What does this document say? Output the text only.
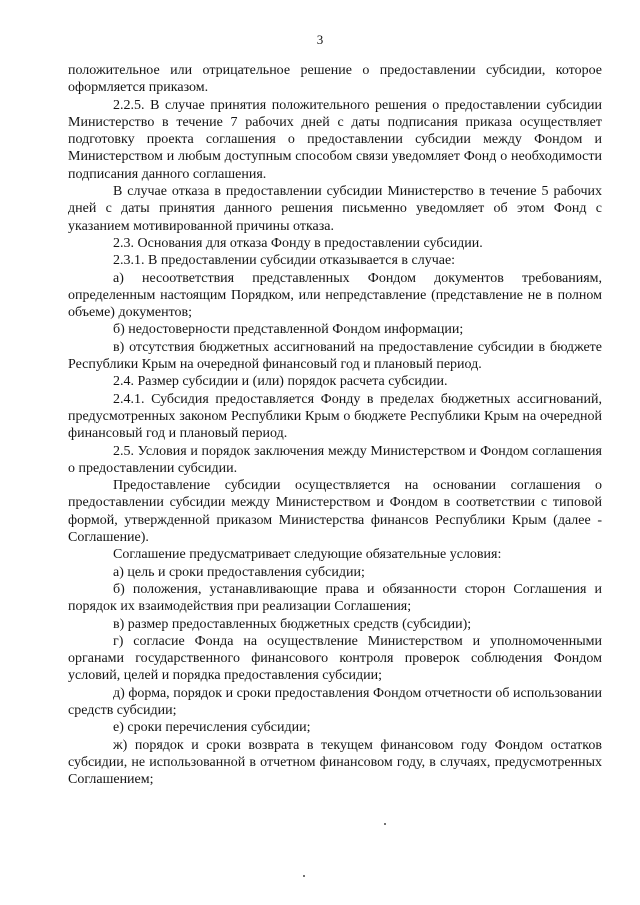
3

положительное или отрицательное решение о предоставлении субсидии, которое оформляется приказом.

2.2.5. В случае принятия положительного решения о предоставлении субсидии Министерство в течение 7 рабочих дней с даты подписания приказа осуществляет подготовку проекта соглашения о предоставлении субсидии между Фондом и Министерством и любым доступным способом связи уведомляет Фонд о необходимости подписания данного соглашения.

В случае отказа в предоставлении субсидии Министерство в течение 5 рабочих дней с даты принятия данного решения письменно уведомляет об этом Фонд с указанием мотивированной причины отказа.

2.3. Основания для отказа Фонду в предоставлении субсидии.

2.3.1. В предоставлении субсидии отказывается в случае:

а) несоответствия представленных Фондом документов требованиям, определенным настоящим Порядком, или непредставление (представление не в полном объеме) документов;

б) недостоверности представленной Фондом информации;

в) отсутствия бюджетных ассигнований на предоставление субсидии в бюджете Республики Крым на очередной финансовый год и плановый период.

2.4. Размер субсидии и (или) порядок расчета субсидии.

2.4.1. Субсидия предоставляется Фонду в пределах бюджетных ассигнований, предусмотренных законом Республики Крым о бюджете Республики Крым на очередной финансовый год и плановый период.

2.5. Условия и порядок заключения между Министерством и Фондом соглашения о предоставлении субсидии.

Предоставление субсидии осуществляется на основании соглашения о предоставлении субсидии между Министерством и Фондом в соответствии с типовой формой, утвержденной приказом Министерства финансов Республики Крым (далее - Соглашение).

Соглашение предусматривает следующие обязательные условия:

а) цель и сроки предоставления субсидии;

б) положения, устанавливающие права и обязанности сторон Соглашения и порядок их взаимодействия при реализации Соглашения;

в) размер предоставленных бюджетных средств (субсидии);

г) согласие Фонда на осуществление Министерством и уполномоченными органами государственного финансового контроля проверок соблюдения Фондом условий, целей и порядка предоставления субсидии;

д) форма, порядок и сроки предоставления Фондом отчетности об использовании средств субсидии;

е) сроки перечисления субсидии;

ж) порядок и сроки возврата в текущем финансовом году Фондом остатков субсидии, не использованной в отчетном финансовом году, в случаях, предусмотренных Соглашением;
